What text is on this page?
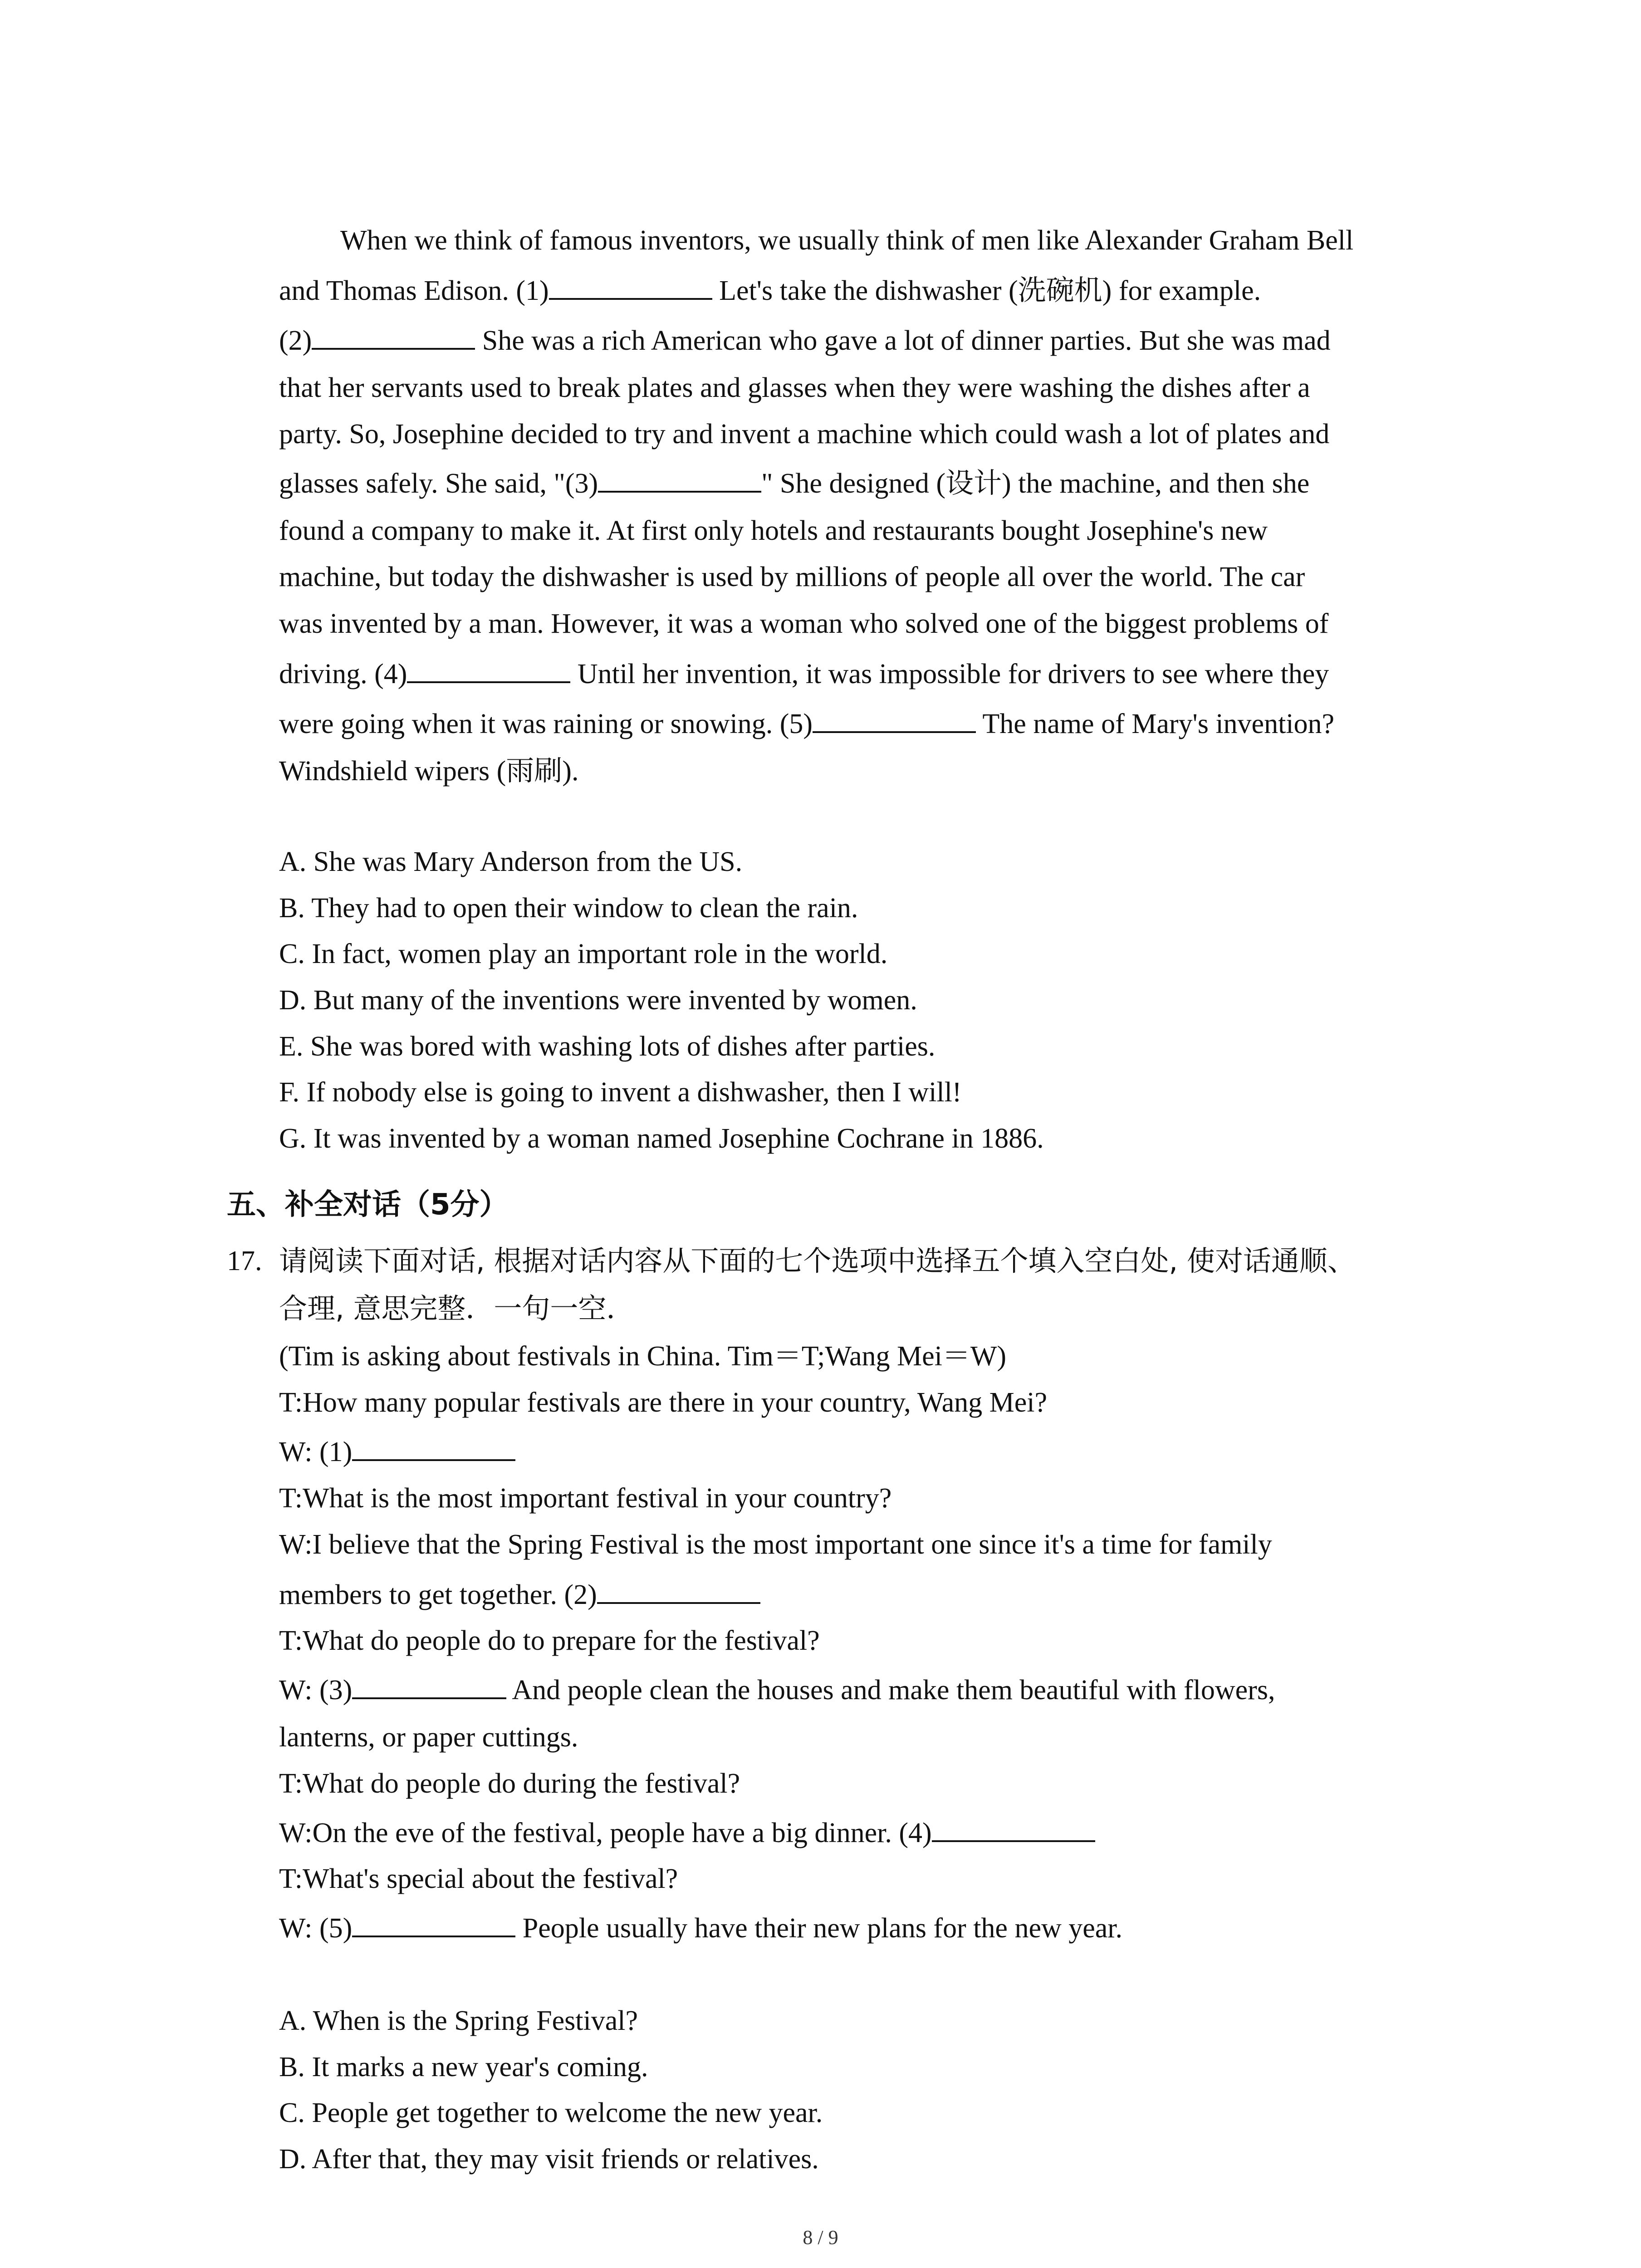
When we think of famous inventors, we usually think of men like Alexander Graham Bell
and Thomas Edison. (1)	Let's take the dishwasher (洗碗机) for example.
(2)	She was a rich American who gave a lot of dinner parties. But she was mad
that her servants used to break plates and glasses when they were washing the dishes after a
party. So, Josephine decided to try and invent a machine which could wash a lot of plates and
glasses safely. She said, "(3)	" She designed (设计) the machine, and then she
found a company to make it. At first only hotels and restaurants bought Josephine's new
machine, but today the dishwasher is used by millions of people all over the world. The car
was invented by a man. However, it was a woman who solved one of the biggest problems of
driving. (4)	Until her invention, it was impossible for drivers to see where they
were going when it was raining or snowing. (5)	The name of Mary's invention?
Windshield wipers (雨刷).
A. She was Mary Anderson from the US.
B. They had to open their window to clean the rain.
C. In fact, women play an important role in the world.
D. But many of the inventions were invented by women.
E. She was bored with washing lots of dishes after parties.
F. If nobody else is going to invent a dishwasher, then I will!
G. It was invented by a woman named Josephine Cochrane in 1886.
五、补全对话（5分）
17. 请阅读下面对话, 根据对话内容从下面的七个选项中选择五个填入空白处, 使对话通顺、
合理, 意思完整．一句一空．
(Tim is asking about festivals in China. Tim＝T;Wang Mei＝W)
T:How many popular festivals are there in your country, Wang Mei?
W: (1)
T:What is the most important festival in your country?
W:I believe that the Spring Festival is the most important one since it's a time for family
members to get together. (2)
T:What do people do to prepare for the festival?
W: (3)	And people clean the houses and make them beautiful with flowers,
lanterns, or paper cuttings.
T:What do people do during the festival?
W:On the eve of the festival, people have a big dinner. (4)
T:What's special about the festival?
W: (5)	People usually have their new plans for the new year.
A. When is the Spring Festival?
B. It marks a new year's coming.
C. People get together to welcome the new year.
D. After that, they may visit friends or relatives.
8 / 9
